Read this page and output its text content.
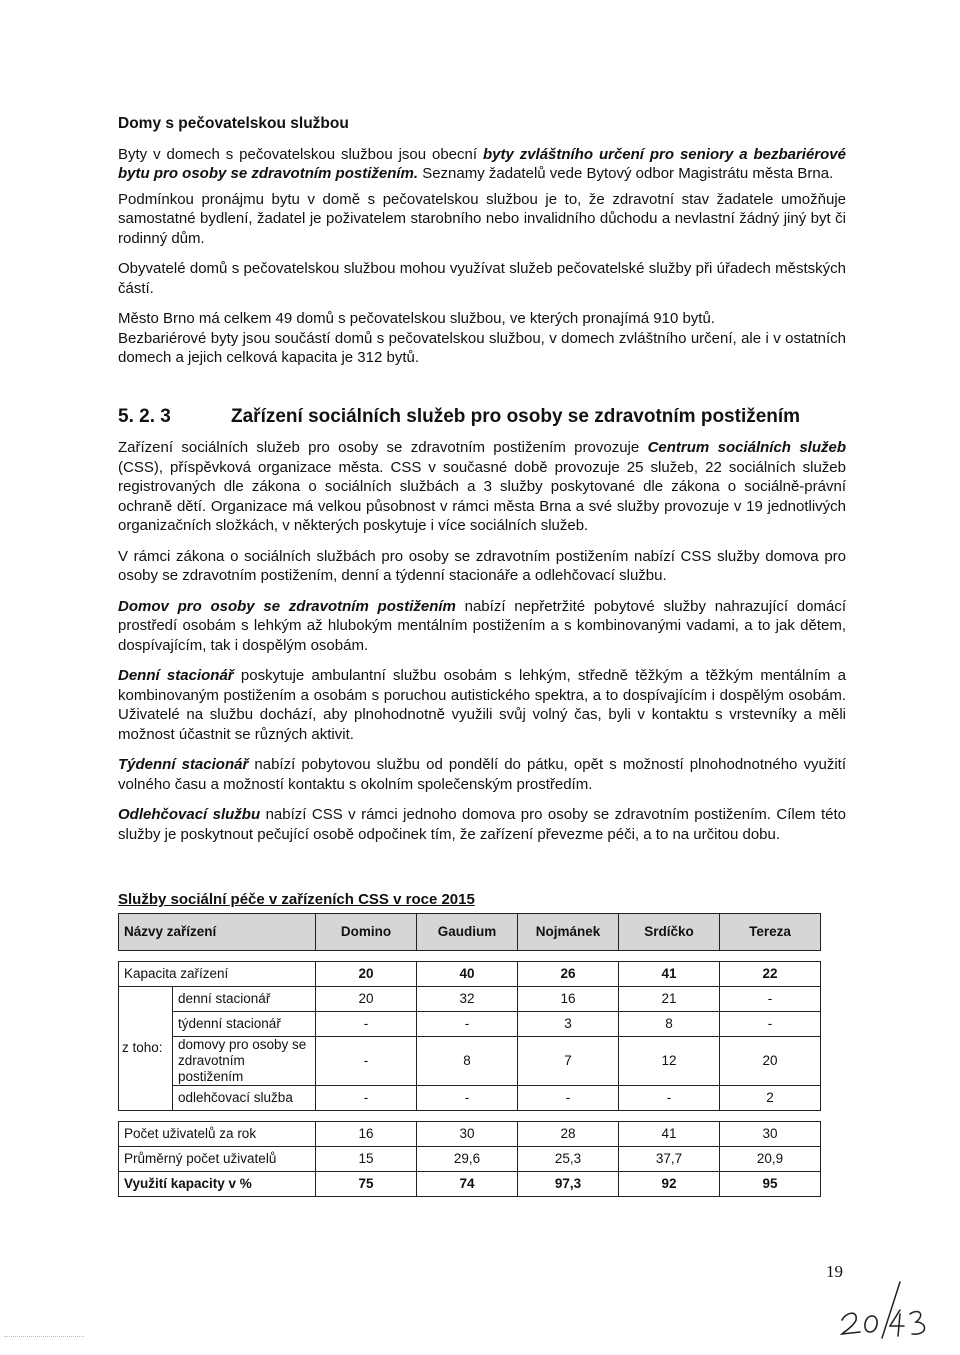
Domy s pečovatelskou službou

Byty v domech s pečovatelskou službou jsou obecní byty zvláštního určení pro seniory a bezbariérové bytu pro osoby se zdravotním postižením. Seznamy žadatelů vede Bytový odbor Magistrátu města Brna.

Podmínkou pronájmu bytu v domě s pečovatelskou službou je to, že zdravotní stav žadatele umožňuje samostatné bydlení, žadatel je poživatelem starobního nebo invalidního důchodu a nevlastní žádný jiný byt či rodinný dům.

Obyvatelé domů s pečovatelskou službou mohou využívat služeb pečovatelské služby při úřadech městských částí.

Město Brno má celkem 49 domů s pečovatelskou službou, ve kterých pronajímá 910 bytů.

Bezbariérové byty jsou součástí domů s pečovatelskou službou, v domech zvláštního určení, ale i v ostatních domech a jejich celková kapacita je 312 bytů.

5. 2. 3	Zařízení sociálních služeb pro osoby se zdravotním postižením

Zařízení sociálních služeb pro osoby se zdravotním postižením provozuje Centrum sociálních služeb (CSS), příspěvková organizace města. CSS v současné době provozuje 25 služeb, 22 sociálních služeb registrovaných dle zákona o sociálních službách a 3 služby poskytované dle zákona o sociálně-právní ochraně dětí. Organizace má velkou působnost v rámci města Brna a své služby provozuje v 19 jednotlivých organizačních složkách, v některých poskytuje i více sociálních služeb.

V rámci zákona o sociálních službách pro osoby se zdravotním postižením nabízí CSS služby domova pro osoby se zdravotním postižením, denní a týdenní stacionáře a odlehčovací službu.

Domov pro osoby se zdravotním postižením nabízí nepřetržité pobytové služby nahrazující domácí prostředí osobám s lehkým až hlubokým mentálním postižením a s kombinovanými vadami, a to jak dětem, dospívajícím, tak i dospělým osobám.

Denní stacionář poskytuje ambulantní službu osobám s lehkým, středně těžkým a těžkým mentálním a kombinovaným postižením a osobám s poruchou autistického spektra, a to dospívajícím i dospělým osobám. Uživatelé na službu dochází, aby plnohodnotně využili svůj volný čas, byli v kontaktu s vrstevníky a měli možnost účastnit se různých aktivit.

Týdenní stacionář nabízí pobytovou službu od pondělí do pátku, opět s možností plnohodnotného využití volného času a možností kontaktu s okolním společenským prostředím.

Odlehčovací službu nabízí CSS v rámci jednoho domova pro osoby se zdravotním postižením. Cílem této služby je poskytnout pečující osobě odpočinek tím, že zařízení převezme péči, a to na určitou dobu.

Služby sociální péče v zařízeních CSS v roce 2015
Názvy zařízení		Domino	Gaudium	Nojmánek	Srdíčko	Tereza

Kapacita zařízení		20	40	26	41	22
z toho:	denní stacionář	20	32	16	21	-
	týdenní stacionář	-	-	3	8	-
	domovy pro osoby se zdravotním postižením	-	8	7	12	20
	odlehčovací služba	-	-	-	-	2

Počet uživatelů za rok		16	30	28	41	30
Průměrný počet uživatelů		15	29,6	25,3	37,7	20,9
Využití kapacity v %		75	74	97,3	92	95
19
